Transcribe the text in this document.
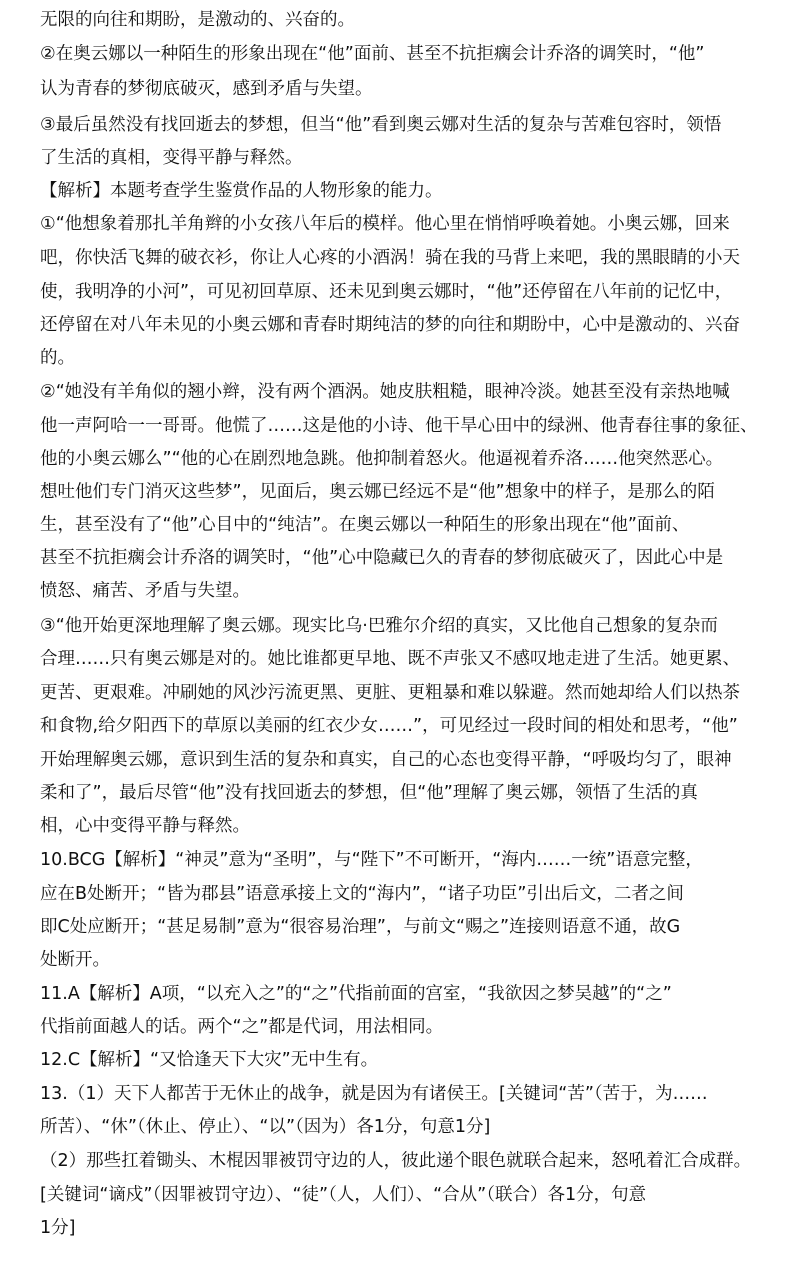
无限的向往和期盼，是激动的、兴奋的。
②在奥云娜以一种陌生的形象出现在“他”面前、甚至不抗拒瘸会计乔洛的调笑时，“他”
认为青春的梦彻底破灭，感到矛盾与失望。
③最后虽然没有找回逝去的梦想，但当“他”看到奥云娜对生活的复杂与苦难包容时，领悟
了生活的真相，变得平静与释然。
【解析】本题考查学生鉴赏作品的人物形象的能力。
①“他想象着那扎羊角辫的小女孩八年后的模样。他心里在悄悄呼唤着她。小奥云娜，回来
吧，你快活飞舞的破衣衫，你让人心疼的小酒涡！骑在我的马背上来吧，我的黑眼睛的小天
使，我明净的小河”，可见初回草原、还未见到奥云娜时，“他”还停留在八年前的记忆中，
还停留在对八年未见的小奥云娜和青春时期纯洁的梦的向往和期盼中，心中是激动的、兴奋
的。
②“她没有羊角似的翘小辫，没有两个酒涡。她皮肤粗糙，眼神冷淡。她甚至没有亲热地喊
他一声阿哈一一哥哥。他慌了……这是他的小诗、他干旱心田中的绿洲、他青春往事的象征、
他的小奥云娜么”“他的心在剧烈地急跳。他抑制着怒火。他逼视着乔洛……他突然恶心。
想吐他们专门消灭这些梦”，见面后，奥云娜已经远不是“他”想象中的样子，是那么的陌
生，甚至没有了“他”心目中的“纯洁”。在奥云娜以一种陌生的形象出现在“他”面前、
甚至不抗拒瘸会计乔洛的调笑时，“他”心中隐藏已久的青春的梦彻底破灭了，因此心中是
愤怒、痛苦、矛盾与失望。
③“他开始更深地理解了奥云娜。现实比乌·巴雅尔介绍的真实，又比他自己想象的复杂而
合理……只有奥云娜是对的。她比谁都更早地、既不声张又不感叹地走进了生活。她更累、
更苦、更艰难。冲刷她的风沙污流更黑、更脏、更粗暴和难以躲避。然而她却给人们以热茶
和食物,给夕阳西下的草原以美丽的红衣少女……”，可见经过一段时间的相处和思考，“他”
开始理解奥云娜，意识到生活的复杂和真实，自己的心态也变得平静，“呼吸均匀了，眼神
柔和了”，最后尽管“他”没有找回逝去的梦想，但“他”理解了奥云娜，领悟了生活的真
相，心中变得平静与释然。
10.BCG【解析】“神灵”意为“圣明”，与“陛下”不可断开，“海内……一统”语意完整，
应在B处断开；“皆为郡县”语意承接上文的“海内”，“诸子功臣”引出后文，二者之间
即C处应断开；“甚足易制”意为“很容易治理”，与前文“赐之”连接则语意不通，故G
处断开。
11.A【解析】A项，“以充入之”的“之”代指前面的宫室，“我欲因之梦吴越”的“之”
代指前面越人的话。两个“之”都是代词，用法相同。
12.C【解析】“又恰逢天下大灾”无中生有。
13.（1）天下人都苦于无休止的战争，就是因为有诸侯王。[关键词“苦”（苦于，为……
所苦）、“休”（休止、停止）、“以”（因为）各1分，句意1分]
（2）那些扛着锄头、木棍因罪被罚守边的人，彼此递个眼色就联合起来，怒吼着汇合成群。
[关键词“谪戍”（因罪被罚守边）、“徒”（人，人们）、“合从”（联合）各1分，句意
1分]
